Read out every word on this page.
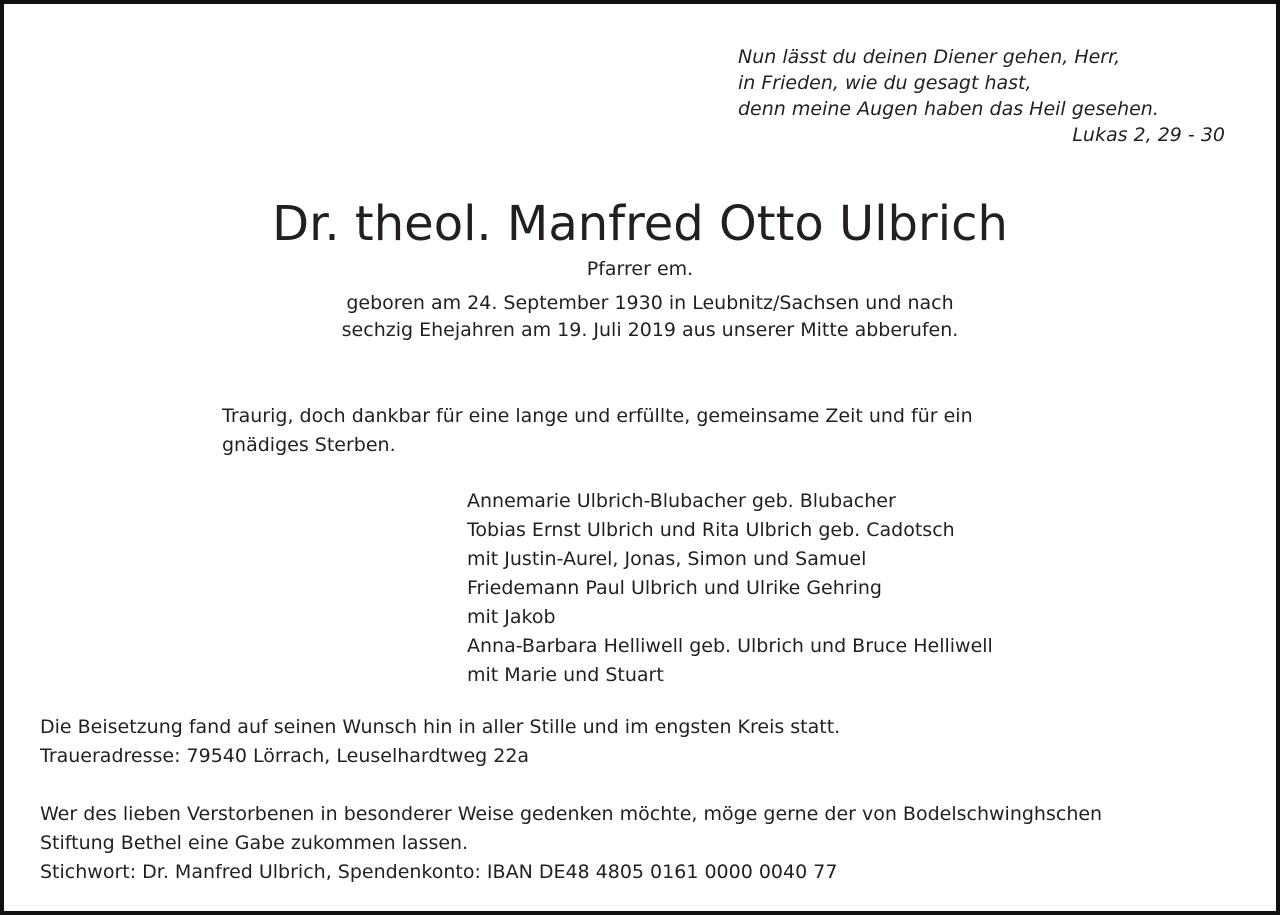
Nun lässt du deinen Diener gehen, Herr,
in Frieden, wie du gesagt hast,
denn meine Augen haben das Heil gesehen.
Lukas 2, 29 - 30
Dr. theol. Manfred Otto Ulbrich
Pfarrer em.
geboren am 24. September 1930 in Leubnitz/Sachsen und nach
sechzig Ehejahren am 19. Juli 2019 aus unserer Mitte abberufen.
Traurig, doch dankbar für eine lange und erfüllte, gemeinsame Zeit und für ein
gnädiges Sterben.
Annemarie Ulbrich-Blubacher geb. Blubacher
Tobias Ernst Ulbrich und Rita Ulbrich geb. Cadotsch
mit Justin-Aurel, Jonas, Simon und Samuel
Friedemann Paul Ulbrich und Ulrike Gehring
mit Jakob
Anna-Barbara Helliwell geb. Ulbrich und Bruce Helliwell
mit Marie und Stuart
Die Beisetzung fand auf seinen Wunsch hin in aller Stille und im engsten Kreis statt.
Traueradresse: 79540 Lörrach, Leuselhardtweg 22a
Wer des lieben Verstorbenen in besonderer Weise gedenken möchte, möge gerne der von Bodelschwinghschen
Stiftung Bethel eine Gabe zukommen lassen.
Stichwort: Dr. Manfred Ulbrich, Spendenkonto: IBAN DE48 4805 0161 0000 0040 77
